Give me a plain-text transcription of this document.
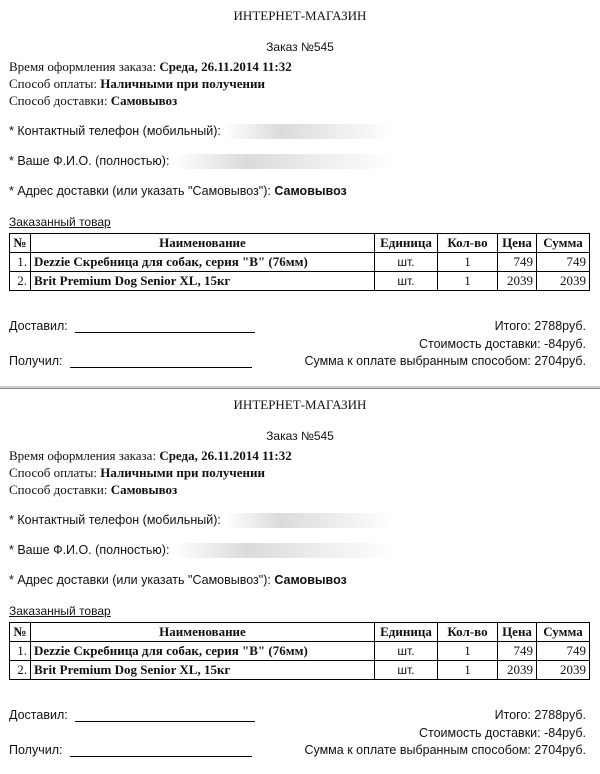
ИНТЕРНЕТ-МАГАЗИН
Заказ №545
Время оформления заказа: Среда, 26.11.2014 11:32
Способ оплаты: Наличными при получении
Способ доставки: Самовывоз
* Контактный телефон (мобильный):
* Ваше Ф.И.О. (полностью):
* Адрес доставки (или указать "Самовывоз"): Самовывоз
Заказанный товар
№	Наименование	Единица	Кол-во	Цена	Сумма
1.	Dezzie Скребница для собак, серия "В" (76мм)	шт.	1	749	749
2.	Brit Premium Dog Senior XL, 15кг	шт.	1	2039	2039
Доставил:
Получил:
Итого: 2788руб.
Стоимость доставки: -84руб.
Сумма к оплате выбранным способом: 2704руб.
ИНТЕРНЕТ-МАГАЗИН
Заказ №545
Время оформления заказа: Среда, 26.11.2014 11:32
Способ оплаты: Наличными при получении
Способ доставки: Самовывоз
* Контактный телефон (мобильный):
* Ваше Ф.И.О. (полностью):
* Адрес доставки (или указать "Самовывоз"): Самовывоз
Заказанный товар
№	Наименование	Единица	Кол-во	Цена	Сумма
1.	Dezzie Скребница для собак, серия "В" (76мм)	шт.	1	749	749
2.	Brit Premium Dog Senior XL, 15кг	шт.	1	2039	2039
Доставил:
Получил:
Итого: 2788руб.
Стоимость доставки: -84руб.
Сумма к оплате выбранным способом: 2704руб.
